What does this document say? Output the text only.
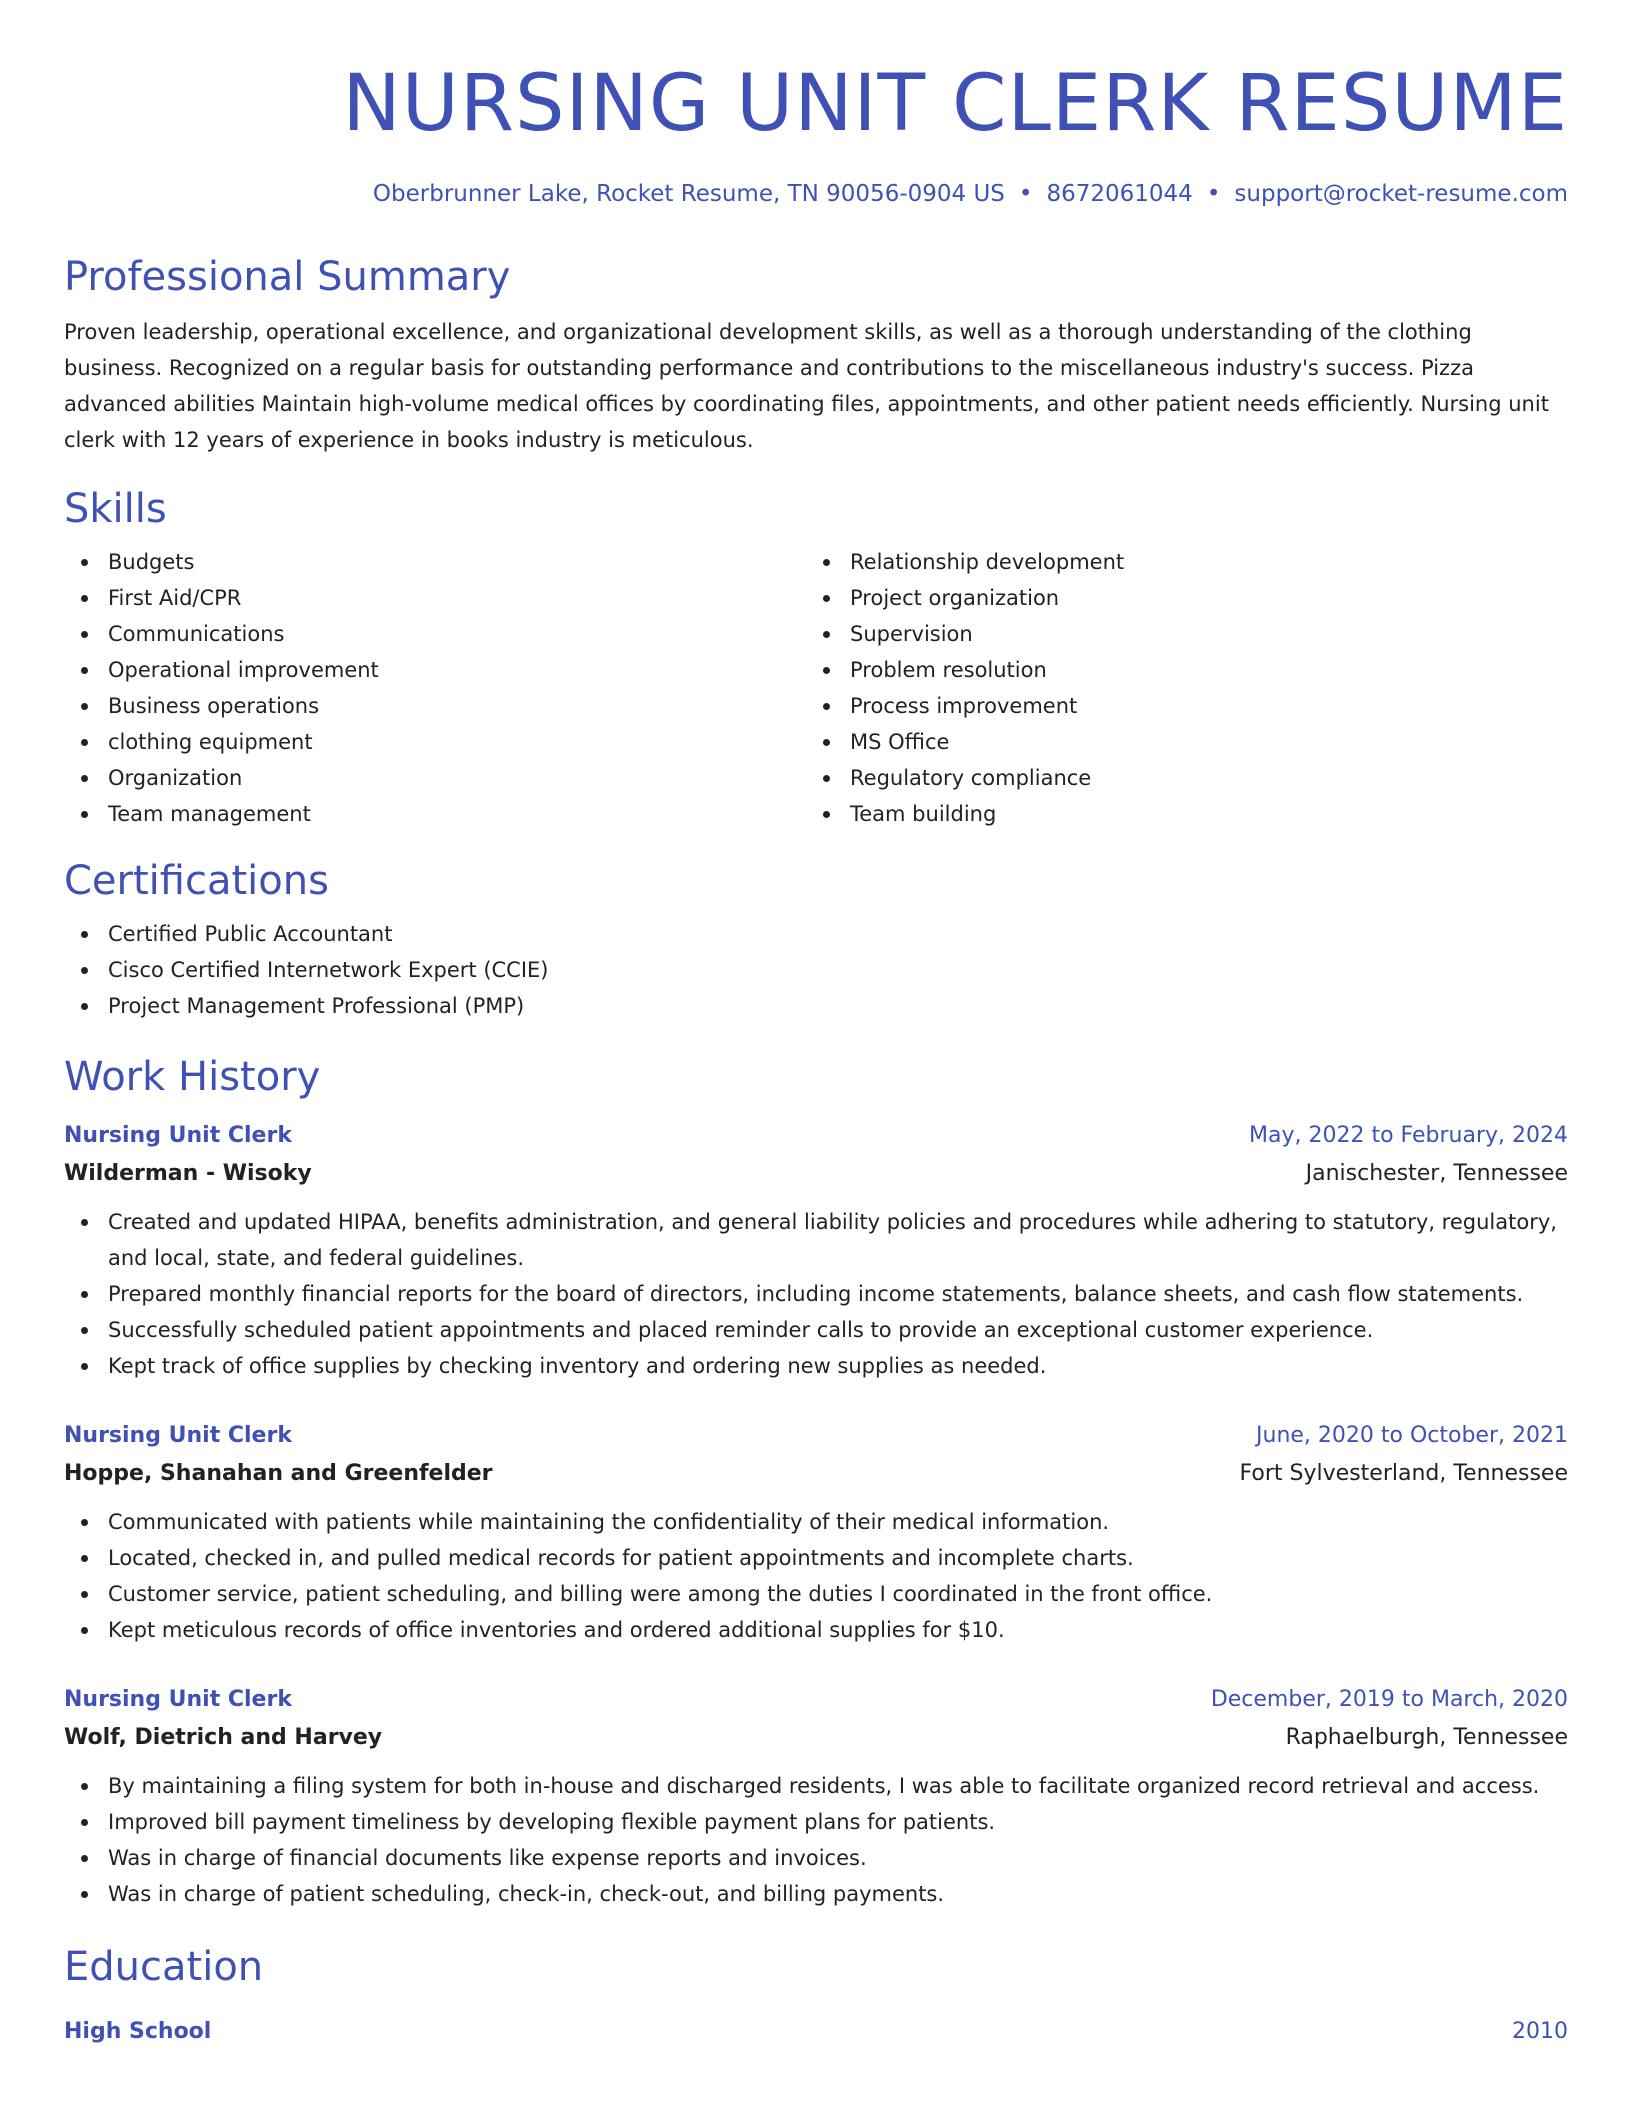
NURSING UNIT CLERK RESUME
Oberbrunner Lake, Rocket Resume, TN 90056-0904 US • 8672061044 • support@rocket-resume.com
Professional Summary
Proven leadership, operational excellence, and organizational development skills, as well as a thorough understanding of the clothing business. Recognized on a regular basis for outstanding performance and contributions to the miscellaneous industry's success. Pizza advanced abilities Maintain high-volume medical offices by coordinating files, appointments, and other patient needs efficiently. Nursing unit clerk with 12 years of experience in books industry is meticulous.
Skills
Budgets
First Aid/CPR
Communications
Operational improvement
Business operations
clothing equipment
Organization
Team management
Relationship development
Project organization
Supervision
Problem resolution
Process improvement
MS Office
Regulatory compliance
Team building
Certifications
Certified Public Accountant
Cisco Certified Internetwork Expert (CCIE)
Project Management Professional (PMP)
Work History
Nursing Unit Clerk	May, 2022 to February, 2024
Wilderman - Wisoky	Janischester, Tennessee
Created and updated HIPAA, benefits administration, and general liability policies and procedures while adhering to statutory, regulatory, and local, state, and federal guidelines.
Prepared monthly financial reports for the board of directors, including income statements, balance sheets, and cash flow statements.
Successfully scheduled patient appointments and placed reminder calls to provide an exceptional customer experience.
Kept track of office supplies by checking inventory and ordering new supplies as needed.
Nursing Unit Clerk	June, 2020 to October, 2021
Hoppe, Shanahan and Greenfelder	Fort Sylvesterland, Tennessee
Communicated with patients while maintaining the confidentiality of their medical information.
Located, checked in, and pulled medical records for patient appointments and incomplete charts.
Customer service, patient scheduling, and billing were among the duties I coordinated in the front office.
Kept meticulous records of office inventories and ordered additional supplies for $10.
Nursing Unit Clerk	December, 2019 to March, 2020
Wolf, Dietrich and Harvey	Raphaelburgh, Tennessee
By maintaining a filing system for both in-house and discharged residents, I was able to facilitate organized record retrieval and access.
Improved bill payment timeliness by developing flexible payment plans for patients.
Was in charge of financial documents like expense reports and invoices.
Was in charge of patient scheduling, check-in, check-out, and billing payments.
Education
High School	2010
